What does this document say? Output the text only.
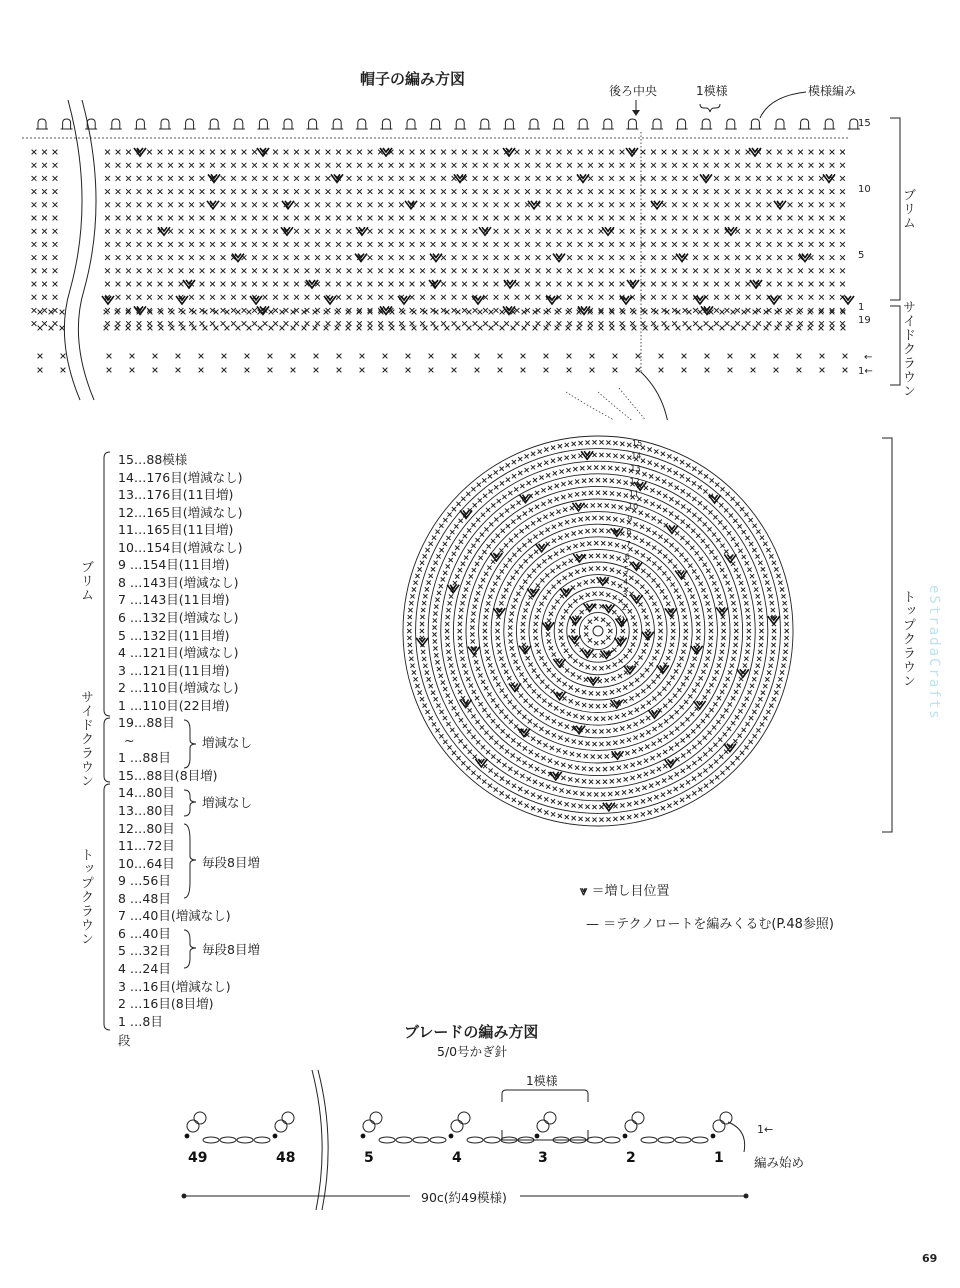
帽子の編み方図
後ろ中央	1模様	模様編み
15
10
5
1
19
←
1←
ブリム
サイドクラウン
1
2
3
4
5
6
7
8
9
10
11
12
13
14
15
トップクラウン eStradaCrafts
⩔ ＝増し目位置
— ＝テクノロートを編みくるむ(P.48参照)
15…88模様
14…176目(増減なし)
13…176目(11目増)
12…165目(増減なし)
11…165目(11目増)
10…154目(増減なし)
9 …154目(11目増)
8 …143目(増減なし)
7 …143目(11目増)
6 …132目(増減なし)
5 …132目(11目増)
4 …121目(増減なし)
3 …121目(11目増)
2 …110目(増減なし)
1 …110目(22目増)
19…88目
~
1 …88目
15…88目(8目増)
14…80目
13…80目
12…80目
11…72目
10…64目
9 …56目
8 …48目
7 …40目(増減なし)
6 …40目
5 …32目
4 …24目
3 …16目(増減なし)
2 …16目(8目増)
1 …8目
ブリム
サイドクラウン
トップクラウン
増減なし
増減なし
毎段8目増
毎段8目増
段	ブレードの編み方図
5/0号かぎ針
1模様
49	48	5	4	3	2	1
1←
編み始め
90c(約49模様)
69
